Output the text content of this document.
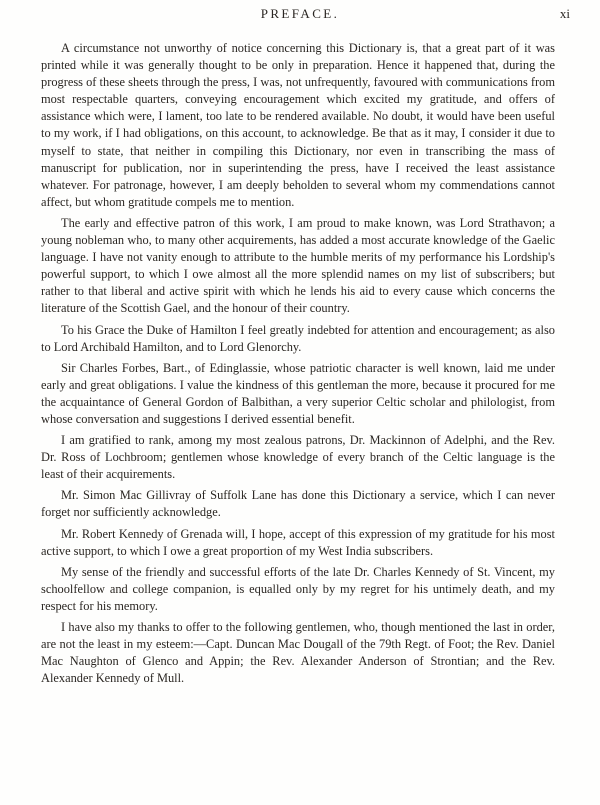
PREFACE.	xi

A circumstance not unworthy of notice concerning this Dictionary is, that a great part of it was printed while it was generally thought to be only in preparation. Hence it happened that, during the progress of these sheets through the press, I was, not unfrequently, favoured with communications from most respectable quarters, conveying encouragement which excited my gratitude, and offers of assistance which were, I lament, too late to be rendered available. No doubt, it would have been useful to my work, if I had obligations, on this account, to acknowledge. Be that as it may, I consider it due to myself to state, that neither in compiling this Dictionary, nor even in transcribing the mass of manuscript for publication, nor in superintending the press, have I received the least assistance whatever. For patronage, however, I am deeply beholden to several whom my commendations cannot affect, but whom gratitude compels me to mention.

The early and effective patron of this work, I am proud to make known, was Lord Strathavon; a young nobleman who, to many other acquirements, has added a most accurate knowledge of the Gaelic language. I have not vanity enough to attribute to the humble merits of my performance his Lordship's powerful support, to which I owe almost all the more splendid names on my list of subscribers; but rather to that liberal and active spirit with which he lends his aid to every cause which concerns the literature of the Scottish Gael, and the honour of their country.

To his Grace the Duke of Hamilton I feel greatly indebted for attention and encouragement; as also to Lord Archibald Hamilton, and to Lord Glenorchy.

Sir Charles Forbes, Bart., of Edinglassie, whose patriotic character is well known, laid me under early and great obligations. I value the kindness of this gentleman the more, because it procured for me the acquaintance of General Gordon of Balbithan, a very superior Celtic scholar and philologist, from whose conversation and suggestions I derived essential benefit.

I am gratified to rank, among my most zealous patrons, Dr. Mackinnon of Adelphi, and the Rev. Dr. Ross of Lochbroom; gentlemen whose knowledge of every branch of the Celtic language is the least of their acquirements.

Mr. Simon Mac Gillivray of Suffolk Lane has done this Dictionary a service, which I can never forget nor sufficiently acknowledge.

Mr. Robert Kennedy of Grenada will, I hope, accept of this expression of my gratitude for his most active support, to which I owe a great proportion of my West India subscribers.

My sense of the friendly and successful efforts of the late Dr. Charles Kennedy of St. Vincent, my schoolfellow and college companion, is equalled only by my regret for his untimely death, and my respect for his memory.

I have also my thanks to offer to the following gentlemen, who, though mentioned the last in order, are not the least in my esteem:—Capt. Duncan Mac Dougall of the 79th Regt. of Foot; the Rev. Daniel Mac Naughton of Glenco and Appin; the Rev. Alexander Anderson of Strontian; and the Rev. Alexander Kennedy of Mull.
